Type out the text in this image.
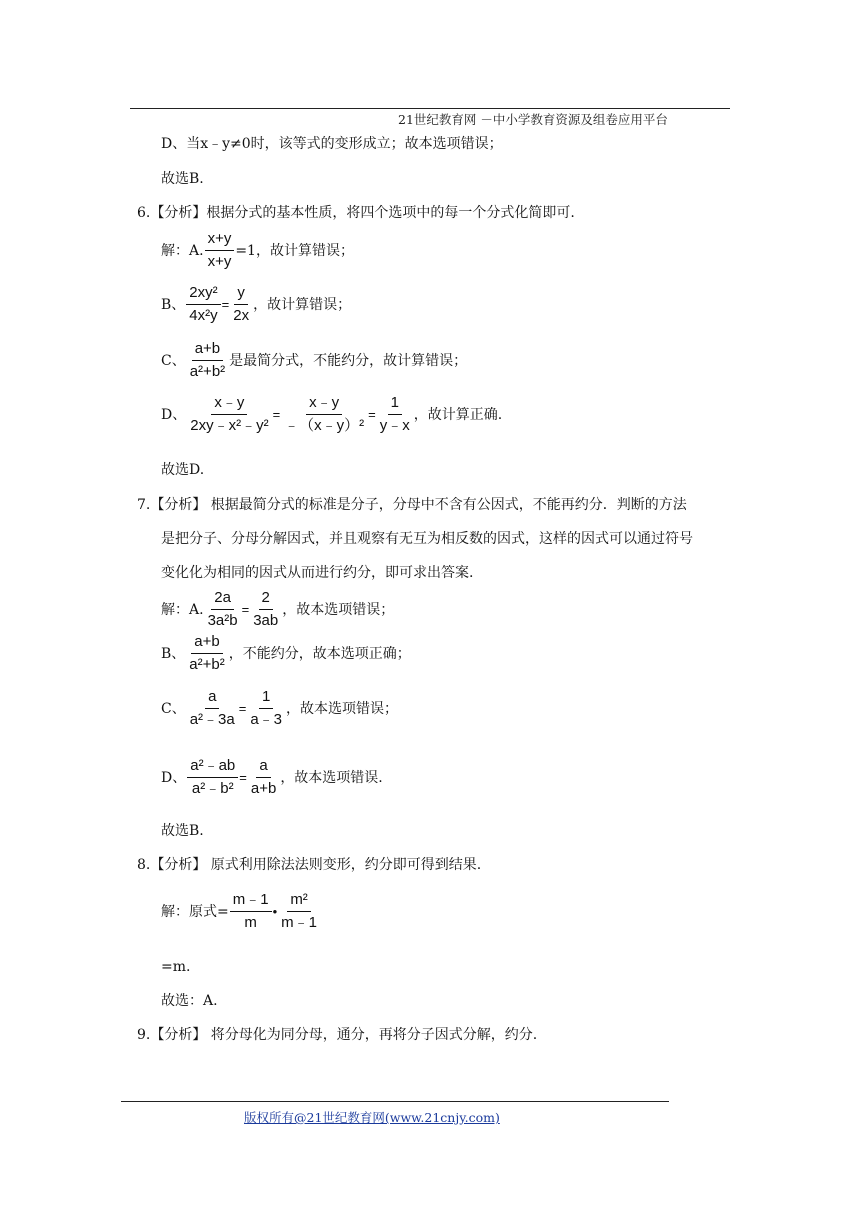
21世纪教育网 －中小学教育资源及组卷应用平台
D、当x﹣y≠0时，该等式的变形成立；故本选项错误；
故选B.
6.【分析】根据分式的基本性质，将四个选项中的每一个分式化简即可.
解：A. $\frac{x+y}{x+y} =1$，故计算错误；
B、 $\frac{\text{2xy²}}{\text{4x²y}} = \frac{y}{2x}$ ，故计算错误；
C、 $\frac{a+b}{\text{a²+b²}}$ 是最简分式，不能约分，故计算错误；
D、 $\frac{x﹣y}{\text{2xy﹣x²﹣y²}} = \frac{x﹣y}{\text{﹣（x﹣y）²}} = \frac{1}{y﹣x}$ ，故计算正确.
故选D.
7.【分析】 根据最简分式的标准是分子，分母中不含有公因式，不能再约分．判断的方法
是把分子、分母分解因式，并且观察有无互为相反数的因式，这样的因式可以通过符号
变化化为相同的因式从而进行约分，即可求出答案.
解：A. $\frac{2a}{\text{3a²b}} = \frac{2}{3ab}$ ，故本选项错误；
B、 $\frac{a+b}{\text{a²+b²}}$ ，不能约分，故本选项正确；
C、 $\frac{a}{\text{a²﹣3a}} = \frac{1}{a﹣3}$ ，故本选项错误；
D、 $\frac{\text{a²﹣ab}}{\text{a²﹣b²}} = \frac{a}{a+b}$ ，故本选项错误.
故选B.
8.【分析】 原式利用除法法则变形，约分即可得到结果.
解：原式= $\frac{m﹣1}{m}$ • $\frac{\text{m²}}{m﹣1}$
=m.
故选：A.
9.【分析】 将分母化为同分母，通分，再将分子因式分解，约分.
版权所有@21世纪教育网(www.21cnjy.com)
